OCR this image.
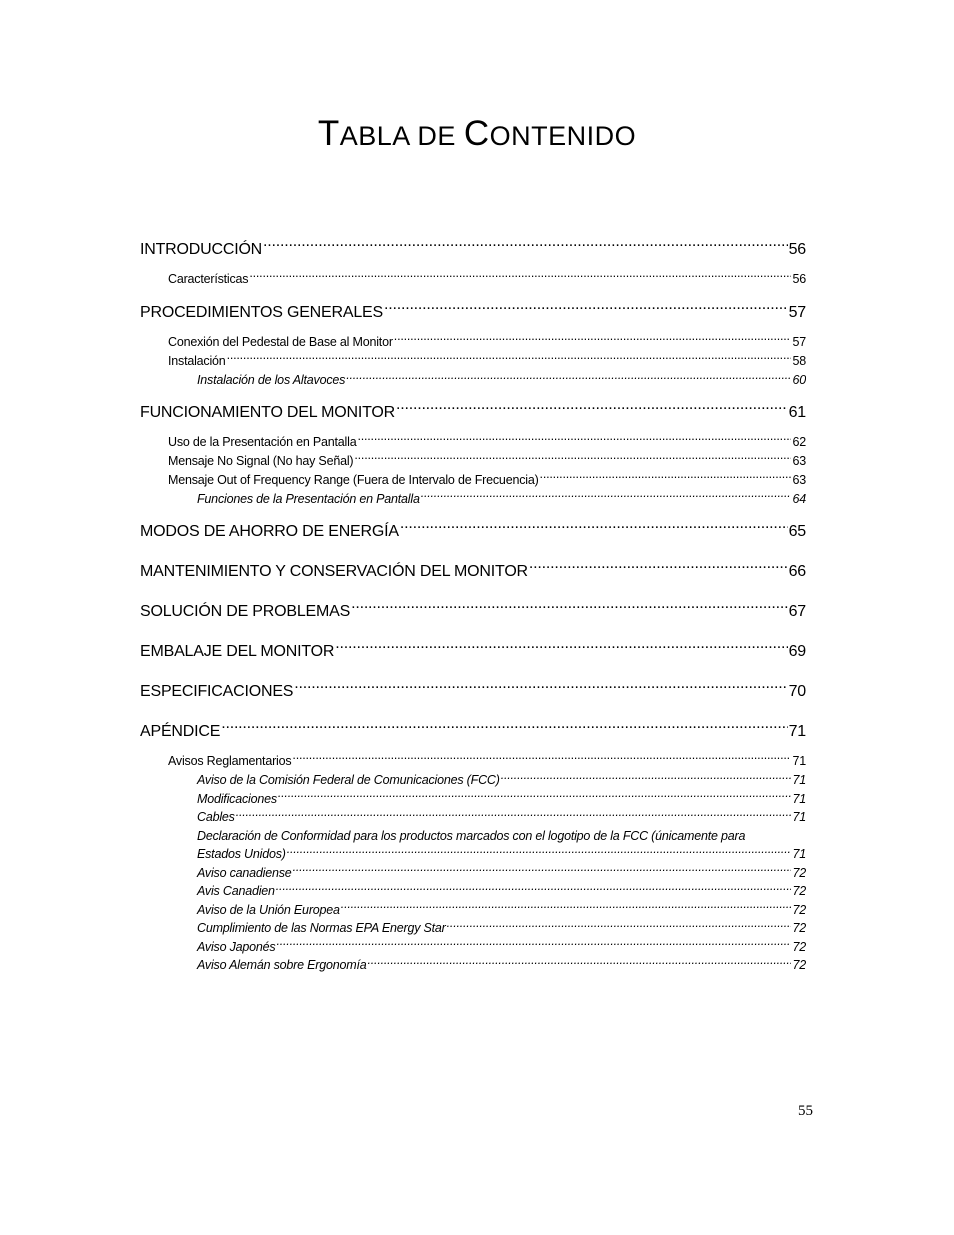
TABLA DE CONTENIDO
INTRODUCCIÓN .....	56
Características .....	56
PROCEDIMIENTOS GENERALES .....	57
Conexión del Pedestal de Base al Monitor .....	57
Instalación .....	58
Instalación de los Altavoces .....	60
FUNCIONAMIENTO DEL MONITOR .....	61
Uso de la Presentación en Pantalla .....	62
Mensaje No Signal (No hay Señal) .....	63
Mensaje Out of Frequency Range (Fuera de Intervalo de Frecuencia) .....	63
Funciones de la Presentación en Pantalla .....	64
MODOS DE AHORRO DE ENERGÍA .....	65
MANTENIMIENTO Y CONSERVACIÓN DEL MONITOR .....	66
SOLUCIÓN DE PROBLEMAS .....	67
EMBALAJE DEL MONITOR .....	69
ESPECIFICACIONES .....	70
APÉNDICE .....	71
Avisos Reglamentarios .....	71
Aviso de la Comisión Federal de Comunicaciones (FCC) .....	71
Modificaciones .....	71
Cables .....	71
Declaración de Conformidad para los productos marcados con el logotipo de la FCC (únicamente para
Estados Unidos) .....	71
Aviso canadiense .....	72
Avis Canadien .....	72
Aviso de la Unión Europea .....	72
Cumplimiento de las Normas EPA Energy Star .....	72
Aviso Japonés .....	72
Aviso Alemán sobre Ergonomía .....	72
55
